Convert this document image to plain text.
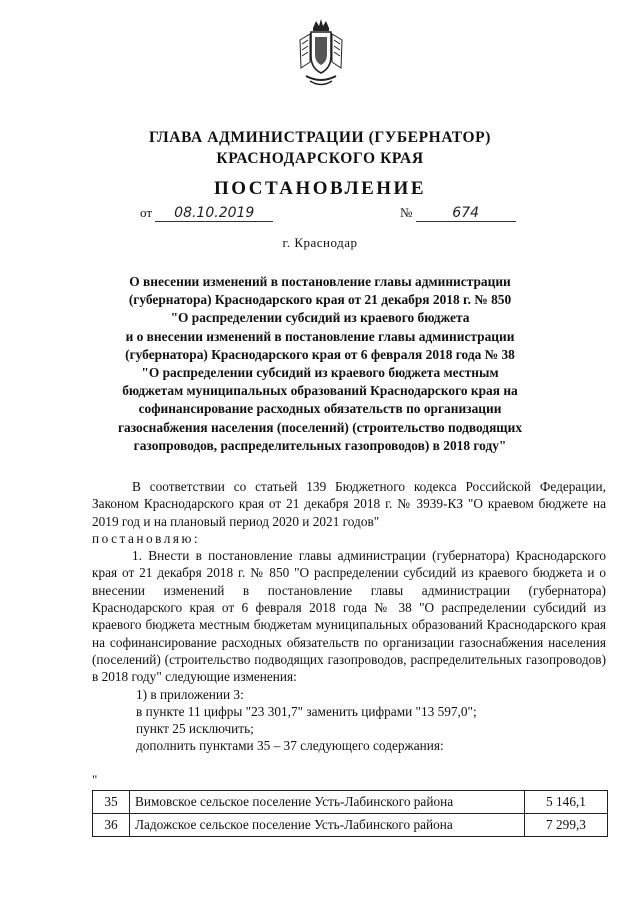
ГЛАВА АДМИНИСТРАЦИИ (ГУБЕРНАТОР)
КРАСНОДАРСКОГО КРАЯ
ПОСТАНОВЛЕНИЕ
от 08.10.2019	№	674
г. Краснодар
О внесении изменений в постановление главы администрации
(губернатора) Краснодарского края от 21 декабря 2018 г. № 850
"О распределении субсидий из краевого бюджета
и о внесении изменений в постановление главы администрации
(губернатора) Краснодарского края от 6 февраля 2018 года № 38
"О распределении субсидий из краевого бюджета местным
бюджетам муниципальных образований Краснодарского края на
софинансирование расходных обязательств по организации
газоснабжения населения (поселений) (строительство подводящих
газопроводов, распределительных газопроводов) в 2018 году"

В соответствии со статьей 139 Бюджетного кодекса Российской Федерации, Законом Краснодарского края от 21 декабря 2018 г. № 3939-КЗ "О краевом бюджете на 2019 год и на плановый период 2020 и 2021 годов"

постановляю:

1. Внести в постановление главы администрации (губернатора) Краснодарского края от 21 декабря 2018 г. № 850 "О распределении субсидий из краевого бюджета и о внесении изменений в постановление главы администрации (губернатора) Краснодарского края от 6 февраля 2018 года № 38 "О распределении субсидий из краевого бюджета местным бюджетам муниципальных образований Краснодарского края на софинансирование расходных обязательств по организации газоснабжения населения (поселений) (строительство подводящих газопроводов, распределительных газопроводов) в 2018 году" следующие изменения:

1) в приложении 3:

в пункте 11 цифры "23 301,7" заменить цифрами "13 597,0";

пункт 25 исключить;

дополнить пунктами 35 – 37 следующего содержания:

"
35	Вимовское сельское поселение Усть-Лабинского района	5 146,1
36	Ладожское сельское поселение Усть-Лабинского района	7 299,3
